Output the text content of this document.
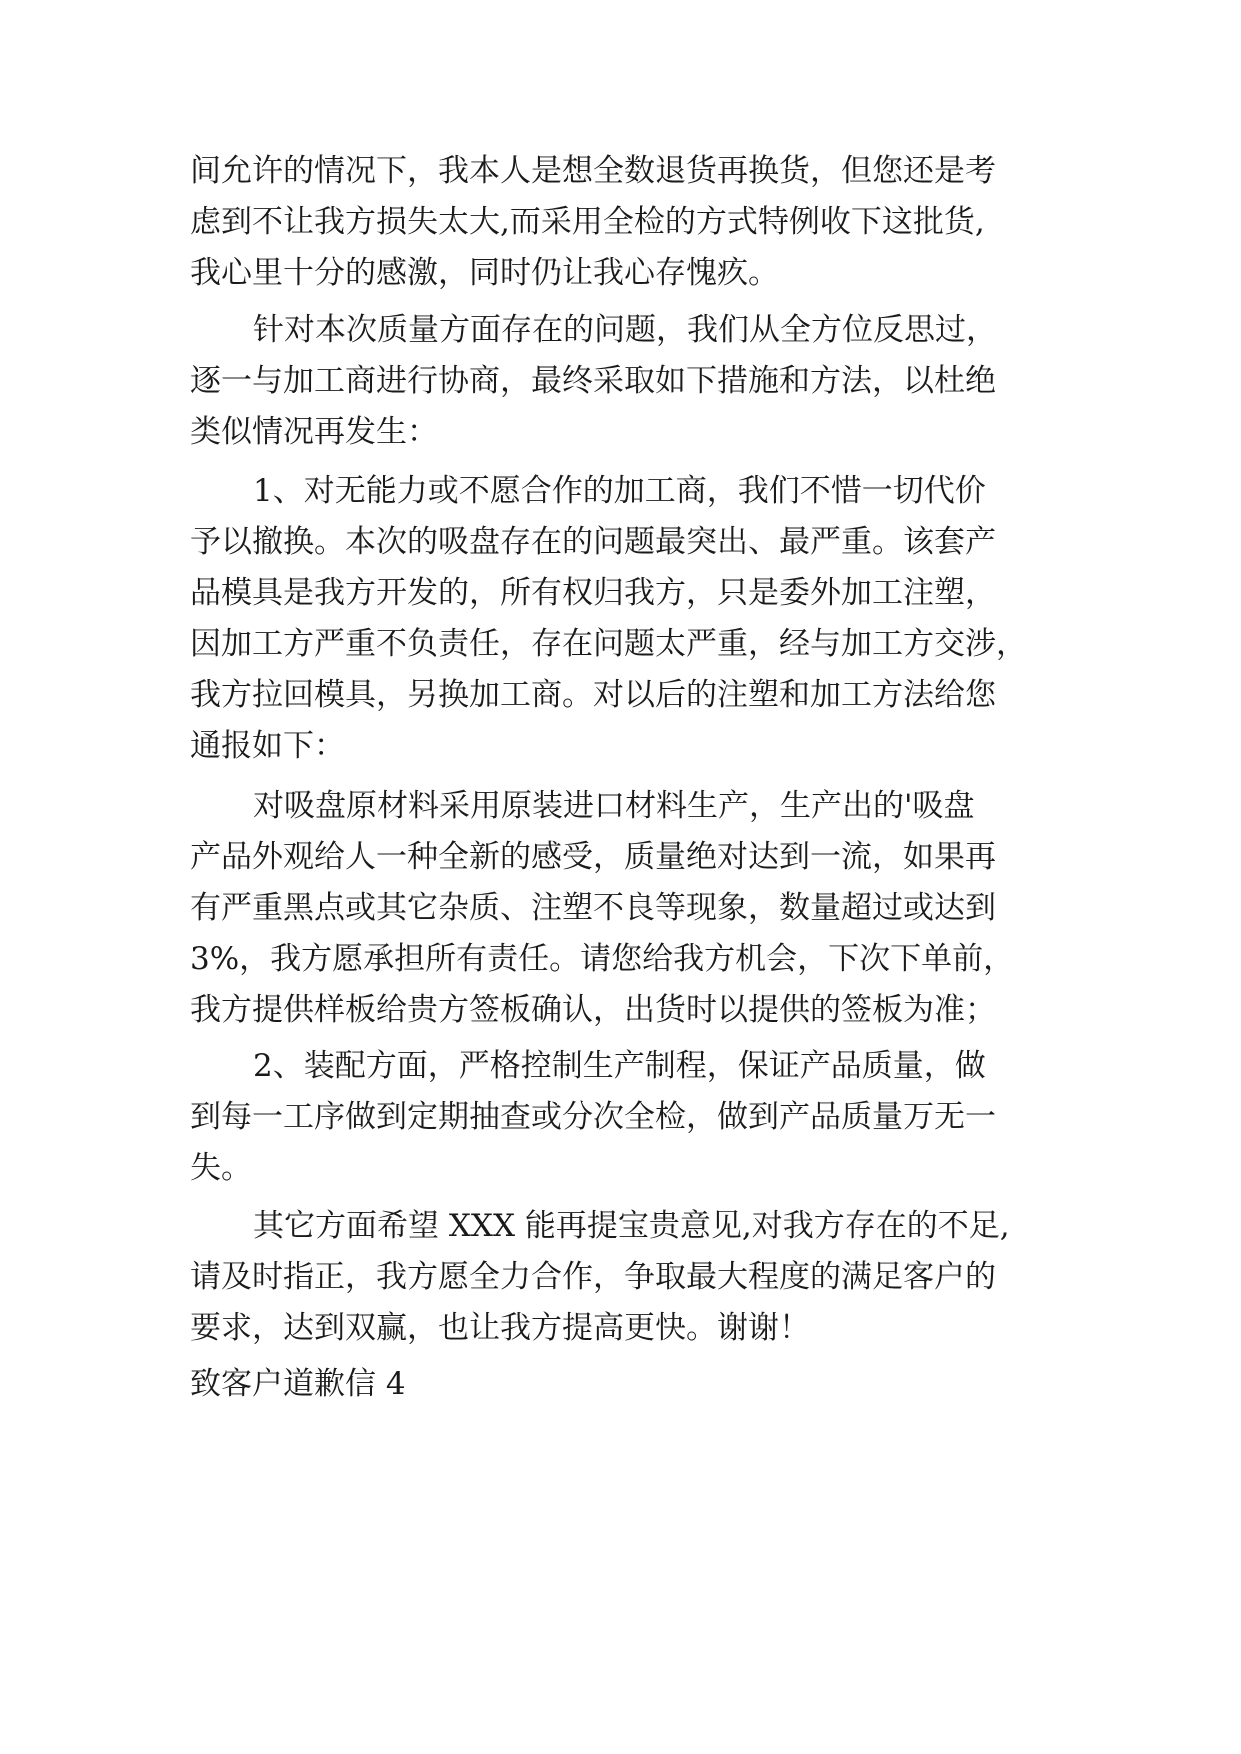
间允许的情况下，我本人是想全数退货再换货，但您还是考
虑到不让我方损失太大,而采用全检的方式特例收下这批货,
我心里十分的感激，同时仍让我心存愧疚。
针对本次质量方面存在的问题，我们从全方位反思过，
逐一与加工商进行协商，最终采取如下措施和方法，以杜绝
类似情况再发生：
1、对无能力或不愿合作的加工商，我们不惜一切代价
予以撤换。本次的吸盘存在的问题最突出、最严重。该套产
品模具是我方开发的，所有权归我方，只是委外加工注塑，
因加工方严重不负责任，存在问题太严重，经与加工方交涉，
我方拉回模具，另换加工商。对以后的注塑和加工方法给您
通报如下：
对吸盘原材料采用原装进口材料生产，生产出的'吸盘
产品外观给人一种全新的感受，质量绝对达到一流，如果再
有严重黑点或其它杂质、注塑不良等现象，数量超过或达到
3%，我方愿承担所有责任。请您给我方机会，下次下单前，
我方提供样板给贵方签板确认，出货时以提供的签板为准；
2、装配方面，严格控制生产制程，保证产品质量，做
到每一工序做到定期抽查或分次全检，做到产品质量万无一
失。
其它方面希望 XXX 能再提宝贵意见,对我方存在的不足,
请及时指正，我方愿全力合作，争取最大程度的满足客户的
要求，达到双赢，也让我方提高更快。谢谢！
致客户道歉信 4
